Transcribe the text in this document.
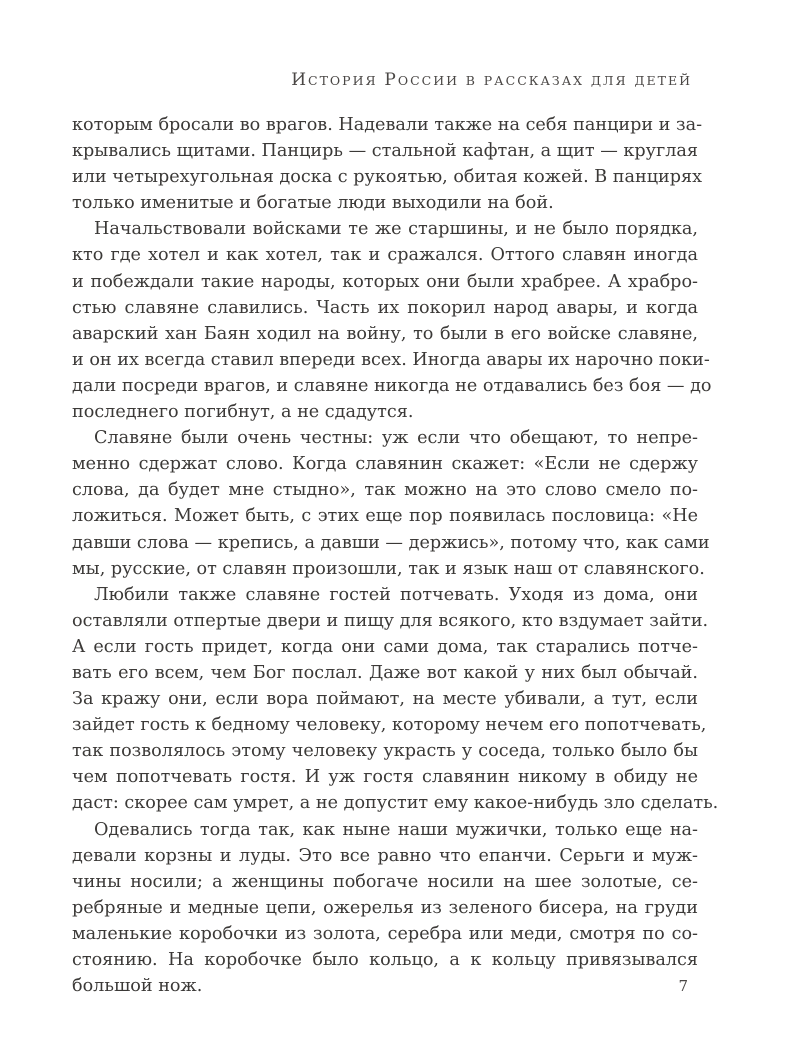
ИСТОРИЯ РОССИИ В РАССКАЗАХ ДЛЯ ДЕТЕЙ

которым бросали во врагов. Надевали также на себя панцири и за-
крывались щитами. Панцирь — стальной кафтан, а щит — круглая
или четырехугольная доска с рукоятью, обитая кожей. В панцирях
только именитые и богатые люди выходили на бой.
Начальствовали войсками те же старшины, и не было порядка,
кто где хотел и как хотел, так и сражался. Оттого славян иногда
и побеждали такие народы, которых они были храбрее. А храбро-
стью славяне славились. Часть их покорил народ авары, и когда
аварский хан Баян ходил на войну, то были в его войске славяне,
и он их всегда ставил впереди всех. Иногда авары их нарочно поки-
дали посреди врагов, и славяне никогда не отдавались без боя — до
последнего погибнут, а не сдадутся.
Славяне были очень честны: уж если что обещают, то непре-
менно сдержат слово. Когда славянин скажет: «Если не сдержу
слова, да будет мне стыдно», так можно на это слово смело по-
ложиться. Может быть, с этих еще пор появилась пословица: «Не
давши слова — крепись, а давши — держись», потому что, как сами
мы, русские, от славян произошли, так и язык наш от славянского.
Любили также славяне гостей потчевать. Уходя из дома, они
оставляли отпертые двери и пищу для всякого, кто вздумает зайти.
А если гость придет, когда они сами дома, так старались потче-
вать его всем, чем Бог послал. Даже вот какой у них был обычай.
За кражу они, если вора поймают, на месте убивали, а тут, если
зайдет гость к бедному человеку, которому нечем его попотчевать,
так позволялось этому человеку украсть у соседа, только было бы
чем попотчевать гостя. И уж гостя славянин никому в обиду не
даст: скорее сам умрет, а не допустит ему какое-нибудь зло сделать.
Одевались тогда так, как ныне наши мужички, только еще на-
девали корзны и луды. Это все равно что епанчи. Серьги и муж-
чины носили; а женщины побогаче носили на шее золотые, се-
ребряные и медные цепи, ожерелья из зеленого бисера, на груди
маленькие коробочки из золота, серебра или меди, смотря по со-
стоянию. На коробочке было кольцо, а к кольцу привязывался
большой нож.	7
